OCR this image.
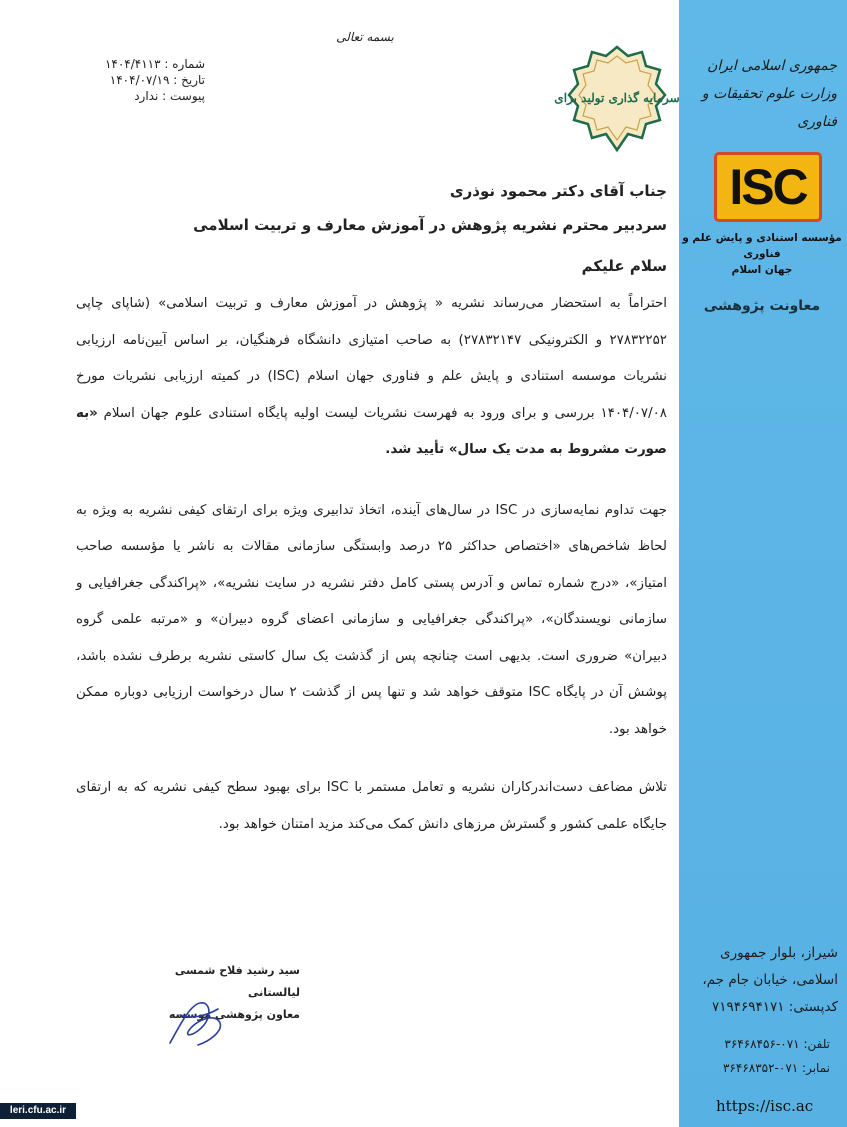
جمهوری اسلامی ایران
وزارت علوم تحقیقات و فناوری
ISC
مؤسسه استنادی و پایش علم و فناوری
جهان اسلام
معاونت پژوهشی
شیراز، بلوار جمهوری
اسلامی، خیابان جام جم،
کدپستی: ۷۱۹۴۶۹۴۱۷۱
تلفن: ۰۷۱-۳۶۴۶۸۴۵۶
نمابر: ۰۷۱-۳۶۴۶۸۳۵۲
https://isc.ac
leri.cfu.ac.ir
بسمه تعالی
شماره : ۱۴۰۴/۴۱۱۳
تاریخ : ۱۴۰۴/۰۷/۱۹
پیوست : ندارد	سرمایه گذاری تولید برای
جناب آقای دکتر محمود نوذری
سردبیر محترم نشریه پژوهش در آموزش معارف و تربیت اسلامی
سلام علیکم

احتراماً به استحضار می‌رساند نشریه « پژوهش در آموزش معارف و تربیت اسلامی» (شاپای چاپی ۲۷۸۳۲۲۵۲ و الکترونیکی ۲۷۸۳۲۱۴۷) به صاحب امتیازی دانشگاه فرهنگیان، بر اساس آیین‌نامه ارزیابی نشریات موسسه استنادی و پایش علم و فناوری جهان اسلام (ISC) در کمیته ارزیابی نشریات مورخ ۱۴۰۴/۰۷/۰۸ بررسی و برای ورود به فهرست نشریات لیست اولیه پایگاه استنادی علوم جهان اسلام «به صورت مشروط به مدت یک سال» تأیید شد.

جهت تداوم نمایه‌سازی در ISC در سال‌های آینده، اتخاذ تدابیری ویژه برای ارتقای کیفی نشریه به ویژه به لحاظ شاخص‌های «اختصاص حداکثر ۲۵ درصد وابستگی سازمانی مقالات به ناشر یا مؤسسه صاحب امتیاز»، «درج شماره تماس و آدرس پستی کامل دفتر نشریه در سایت نشریه»، «پراکندگی جغرافیایی و سازمانی نویسندگان»، «پراکندگی جغرافیایی و سازمانی اعضای گروه دبیران» و «مرتبه علمی گروه دبیران» ضروری است. بدیهی است چنانچه پس از گذشت یک سال کاستی نشریه برطرف نشده باشد، پوشش آن در پایگاه ISC متوقف خواهد شد و تنها پس از گذشت ۲ سال درخواست ارزیابی دوباره ممکن خواهد بود.

تلاش مضاعف دست‌اندرکاران نشریه و تعامل مستمر با ISC برای بهبود سطح کیفی نشریه که به ارتقای جایگاه علمی کشور و گسترش مرزهای دانش کمک می‌کند مزید امتنان خواهد بود.

سید رشید فلاح شمسی لیالستانی
معاون پژوهشی موسسه
